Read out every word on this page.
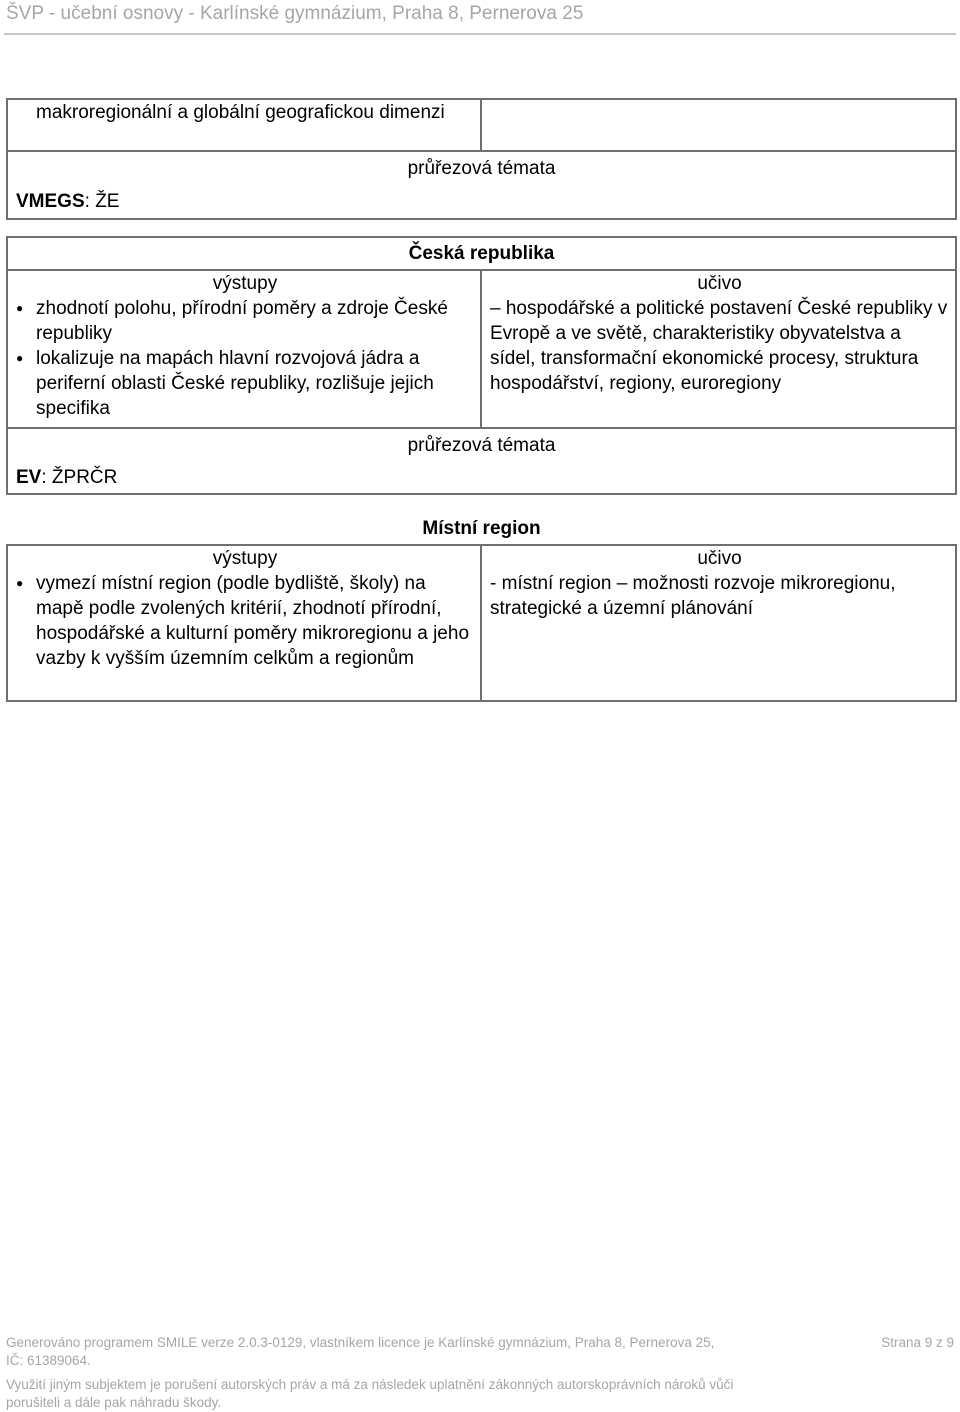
ŠVP - učební osnovy - Karlínské gymnázium, Praha 8, Pernerova 25
makroregionální a globální geografickou dimenzi

průřezová témata
VMEGS: ŽE
Česká republika

výstupy
● zhodnotí polohu, přírodní poměry a zdroje České republiky
● lokalizuje na mapách hlavní rozvojová jádra a periferní oblasti České republiky, rozlišuje jejich specifika

učivo
– hospodářské a politické postavení České republiky v Evropě a ve světě, charakteristiky obyvatelstva a sídel, transformační ekonomické procesy, struktura hospodářství, regiony, euroregiony

průřezová témata
EV: ŽPRČR
Místní region

výstupy
● vymezí místní region (podle bydliště, školy) na mapě podle zvolených kritérií, zhodnotí přírodní, hospodářské a kulturní poměry mikroregionu a jeho vazby k vyšším územním celkům a regionům

učivo
- místní region – možnosti rozvoje mikroregionu, strategické a územní plánování
Generováno programem SMILE verze 2.0.3-0129, vlastníkem licence je Karlínské gymnázium, Praha 8, Pernerova 25,
IČ: 61389064.
Strana 9 z 9
Využití jiným subjektem je porušení autorských práv a má za následek uplatnění zákonných autorskoprávních nároků vůči
porušiteli a dále pak náhradu škody.
